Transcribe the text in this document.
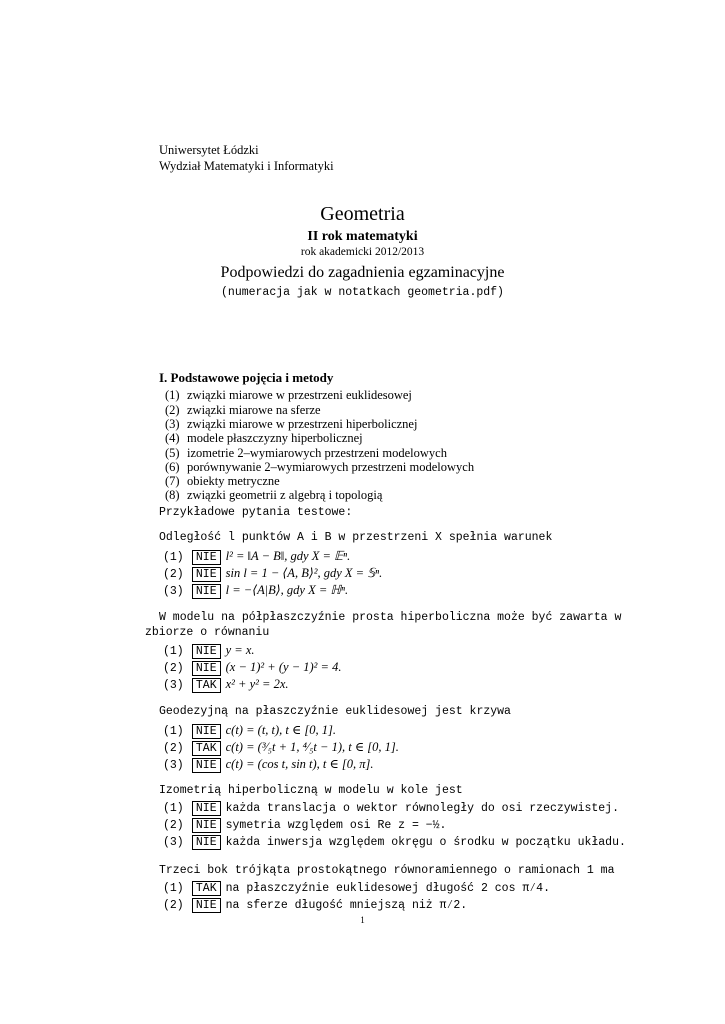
Uniwersytet Łódzki
Wydział Matematyki i Informatyki
Geometria
II rok matematyki
rok akademicki 2012/2013
Podpowiedzi do zagadnienia egzaminacyjne
(numeracja jak w notatkach geometria.pdf)
I. Podstawowe pojęcia i metody
(1) związki miarowe w przestrzeni euklidesowej
(2) związki miarowe na sferze
(3) związki miarowe w przestrzeni hiperbolicznej
(4) modele płaszczyzny hiperbolicznej
(5) izometrie 2–wymiarowych przestrzeni modelowych
(6) porównywanie 2–wymiarowych przestrzeni modelowych
(7) obiekty metryczne
(8) związki geometrii z algebrą i topologią
Przykładowe pytania testowe:
Odległość l punktów A i B w przestrzeni X spełnia warunek
(1) NIE l² = ‖A − B‖, gdy X = 𝔼ⁿ.
(2) NIE sin l = 1 − ⟨A, B⟩², gdy X = 𝕊ⁿ.
(3) NIE l = −⟨A|B⟩, gdy X = ℍⁿ.
W modelu na półpłaszczyźnie prosta hiperboliczna może być zawarta w
zbiorze o równaniu
(1) NIE y = x.
(2) NIE (x − 1)² + (y − 1)² = 4.
(3) TAK x² + y² = 2x.
Geodezyjną na płaszczyźnie euklidesowej jest krzywa
(1) NIE c(t) = (t, t), t ∈ [0, 1].
(2) TAK c(t) = (³⁄₅t + 1, ⁴⁄₅t − 1), t ∈ [0, 1].
(3) NIE c(t) = (cos t, sin t), t ∈ [0, π].
Izometrią hiperboliczną w modelu w kole jest
(1) NIE każda translacja o wektor równoległy do osi rzeczywistej.
(2) NIE symetria względem osi Re z = −½.
(3) NIE każda inwersja względem okręgu o środku w początku układu.
Trzeci bok trójkąta prostokątnego równoramiennego o ramionach 1 ma
(1) TAK na płaszczyźnie euklidesowej długość 2 cos π⁄4.
(2) NIE na sferze długość mniejszą niż π⁄2.
1
